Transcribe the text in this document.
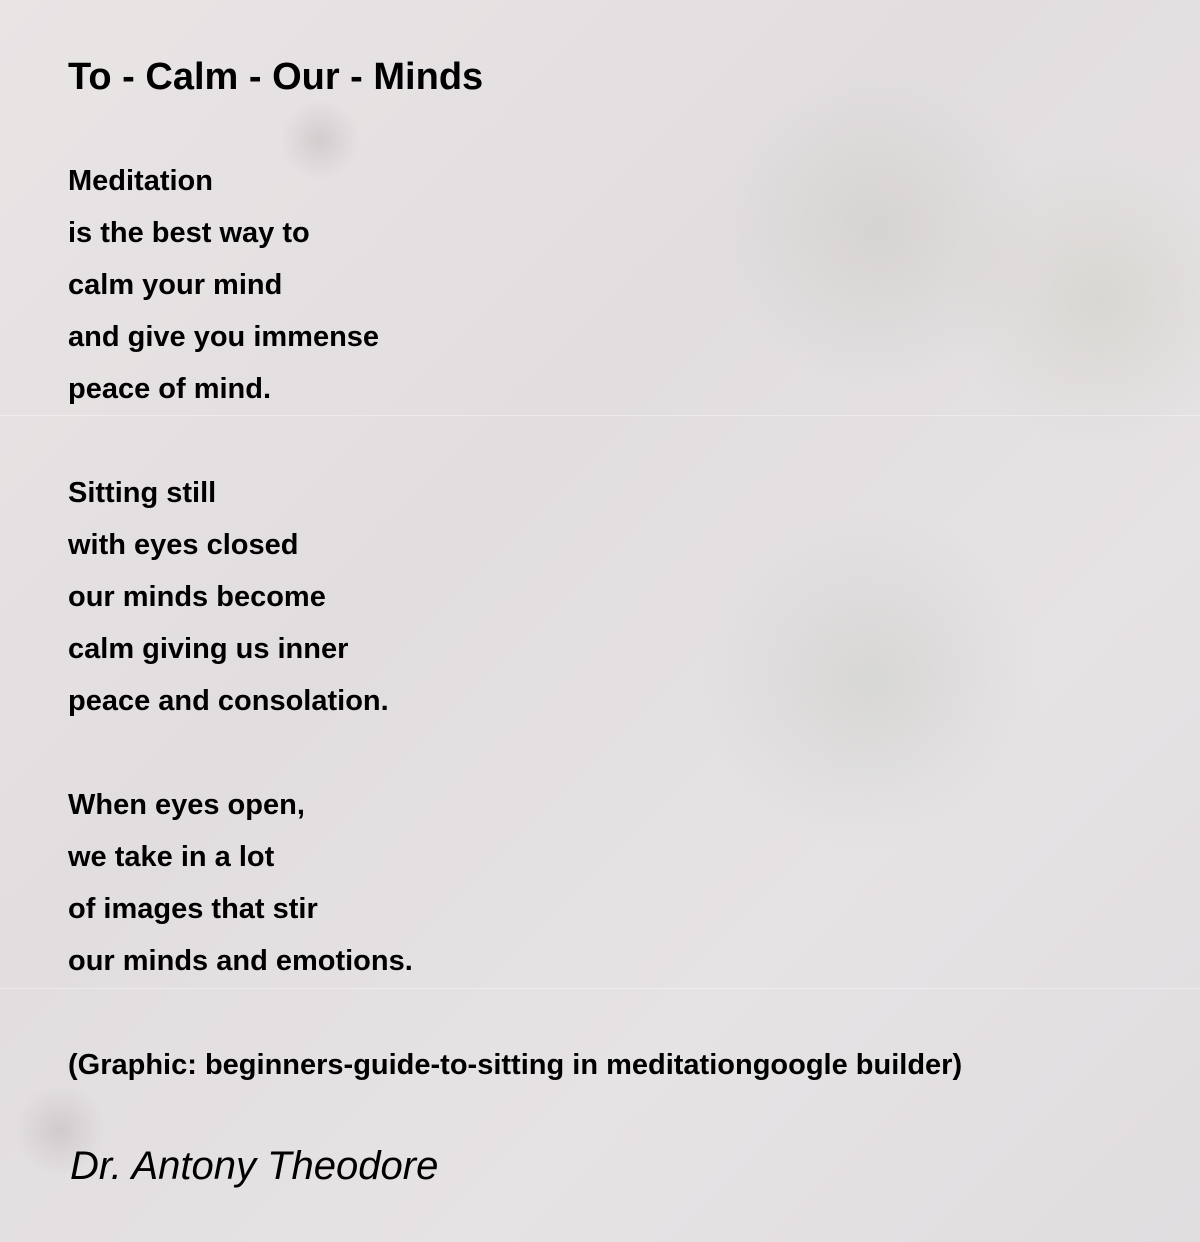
To - Calm - Our - Minds
Meditation
is the best way to
calm your mind
and give you immense
peace of mind.
Sitting still
with eyes closed
our minds become
calm giving us inner
peace and consolation.
When eyes open,
we take in a lot
of images that stir
our minds and emotions.
(Graphic: beginners-guide-to-sitting in meditationgoogle builder)
Dr. Antony Theodore
